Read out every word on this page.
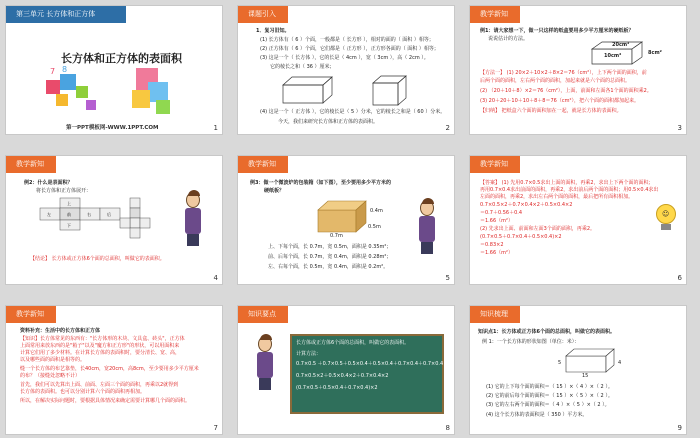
第三单元 长方体和正方体
长方体和正方体的表面积
7 8
第一PPT模板网-WWW.1PPT.COM	1
课题引入
1．复习旧知。
(1) 长方体有（ 6 ）个面，一般都是（ 长方形 ），相对的面的（ 面积 ）相等；
(2) 正方体有（ 6 ）个面，它们都是（ 正方形 ），正方形各面的（ 面积 ）相等；
(3) 这是一个（ 长方体 ），它的长是（ 4cm ），宽（ 3cm ），高（ 2cm ）。
它的棱长之和（ 36 ）厘米；
(4) 这是一个（ 正方体 ），它的棱长是（ 5 ）分米，它的棱长之和是（ 60 ）分米。
今天，我们来研究长方体和正方体的表面积。
2
教学新知
例1：请大家想一下，做一只这样的纸盒要用多少平方厘米的硬纸板？
说说估计的方法。
20cm²
10cm²	8cm²
【方法一】 (1) 20×2＋10×2＋8×2＝76（cm²），上下两个面的面积，前
后两个面的面积，左右两个面的面积，加起来就是六个面的总面积。
(2) （20＋10＋8）×2＝76（cm²），上面，前面和左面各1个面的面积乘2。
(3) 20＋20＋10＋10＋8＋8＝76（cm²），把六个面的面积都加起来。
【归纳】 把纸盒六个面的面积加在一起，就是长方体的表面积。
3
教学新知
例2：什么是表面积？
将长方体和正方体展开：
上
左	前	右	后
下
【结论】 长方体或正方体6个面的总面积，叫做它的表面积。
4
教学新知
例3：做一个微波炉的包装箱（如下图），至少要用多少平方米的
硬纸板？
0.4m
0.5m
0.7m
上、下每个面，长 0.7m，宽 0.5m，面积是 0.35m²；
前、后每个面，长 0.7m，宽 0.4m，面积是 0.28m²；
左、右每个面，长 0.5m，宽 0.4m，面积是 0.2m²。
5
教学新知
【答案】 (1) 先用0.7×0.5求出上面的面积，再乘2，求出上下两个面的面积；
再用0.7×0.4求出前面的面积，再乘2，求出前后两个面的面积；用0.5×0.4求出
左面的面积，再乘2，求出左右两个面的面积，最后把所有面积相加。
0.7×0.5×2＋0.7×0.4×2＋0.5×0.4×2
＝0.7＋0.56＋0.4
＝1.66（m²）
(2) 先求出上面、前面和左面3个面的面积，再乘2。
(0.7×0.5＋0.7×0.4＋0.5×0.4)×2
＝0.83×2
＝1.66（m²）
☺
6
教学新知
资料补充：生活中的长方体和正方体
【知识】长方体常见的东西有："长方体形的木块、文具盒、砖头"，正方体
上面常用来放东西的是"箱子"以及"魔方和正方形"的形状，可以用面积来
计算它们用了多少材料。在计算长方体的表面积时，要分清长、宽、高，
以及哪些面的面积是相等的。
缝一个长方体的布艺靠垫，长40cm，宽20cm，高8cm，至少要用多少平方厘米
的布？（接缝处忽略不计）
首先，我们可以先算出上面、前面、左面三个面的面积，再乘以2就得到
长方体的表面积。也可以分别计算六个面的面积再相加。
所以，在解决实际问题时，要根据具体情况来确定需要计算哪几个面的面积。
7
知识要点
长方体或正方体6个面的总面积，叫做它的表面积。
计算方法：
0.7×0.5 ＋0.7×0.5＋0.5×0.4＋0.5×0.4＋0.7×0.4＋0.7×0.4
0.7×0.5×2＋0.5×0.4×2＋0.7×0.4×2
(0.7×0.5＋0.5×0.4＋0.7×0.4)×2
8
知识梳理
知识点1：长方体或正方体6个面的总面积，叫做它的表面积。
例 1：一个长方体的形状如图（单位：米）：
5	4
15
(1) 它的上下每个面的面积＝（ 15 ）×（ 4 ）×（ 2 ）。
(2) 它的前后每个面的面积＝（ 15 ）×（ 5 ）×（ 2 ）。
(3) 它的左右两个面的面积＝（ 4 ）×（ 5 ）×（ 2 ）。
(4) 这个长方体的表面积是（ 350 ）平方米。
9
